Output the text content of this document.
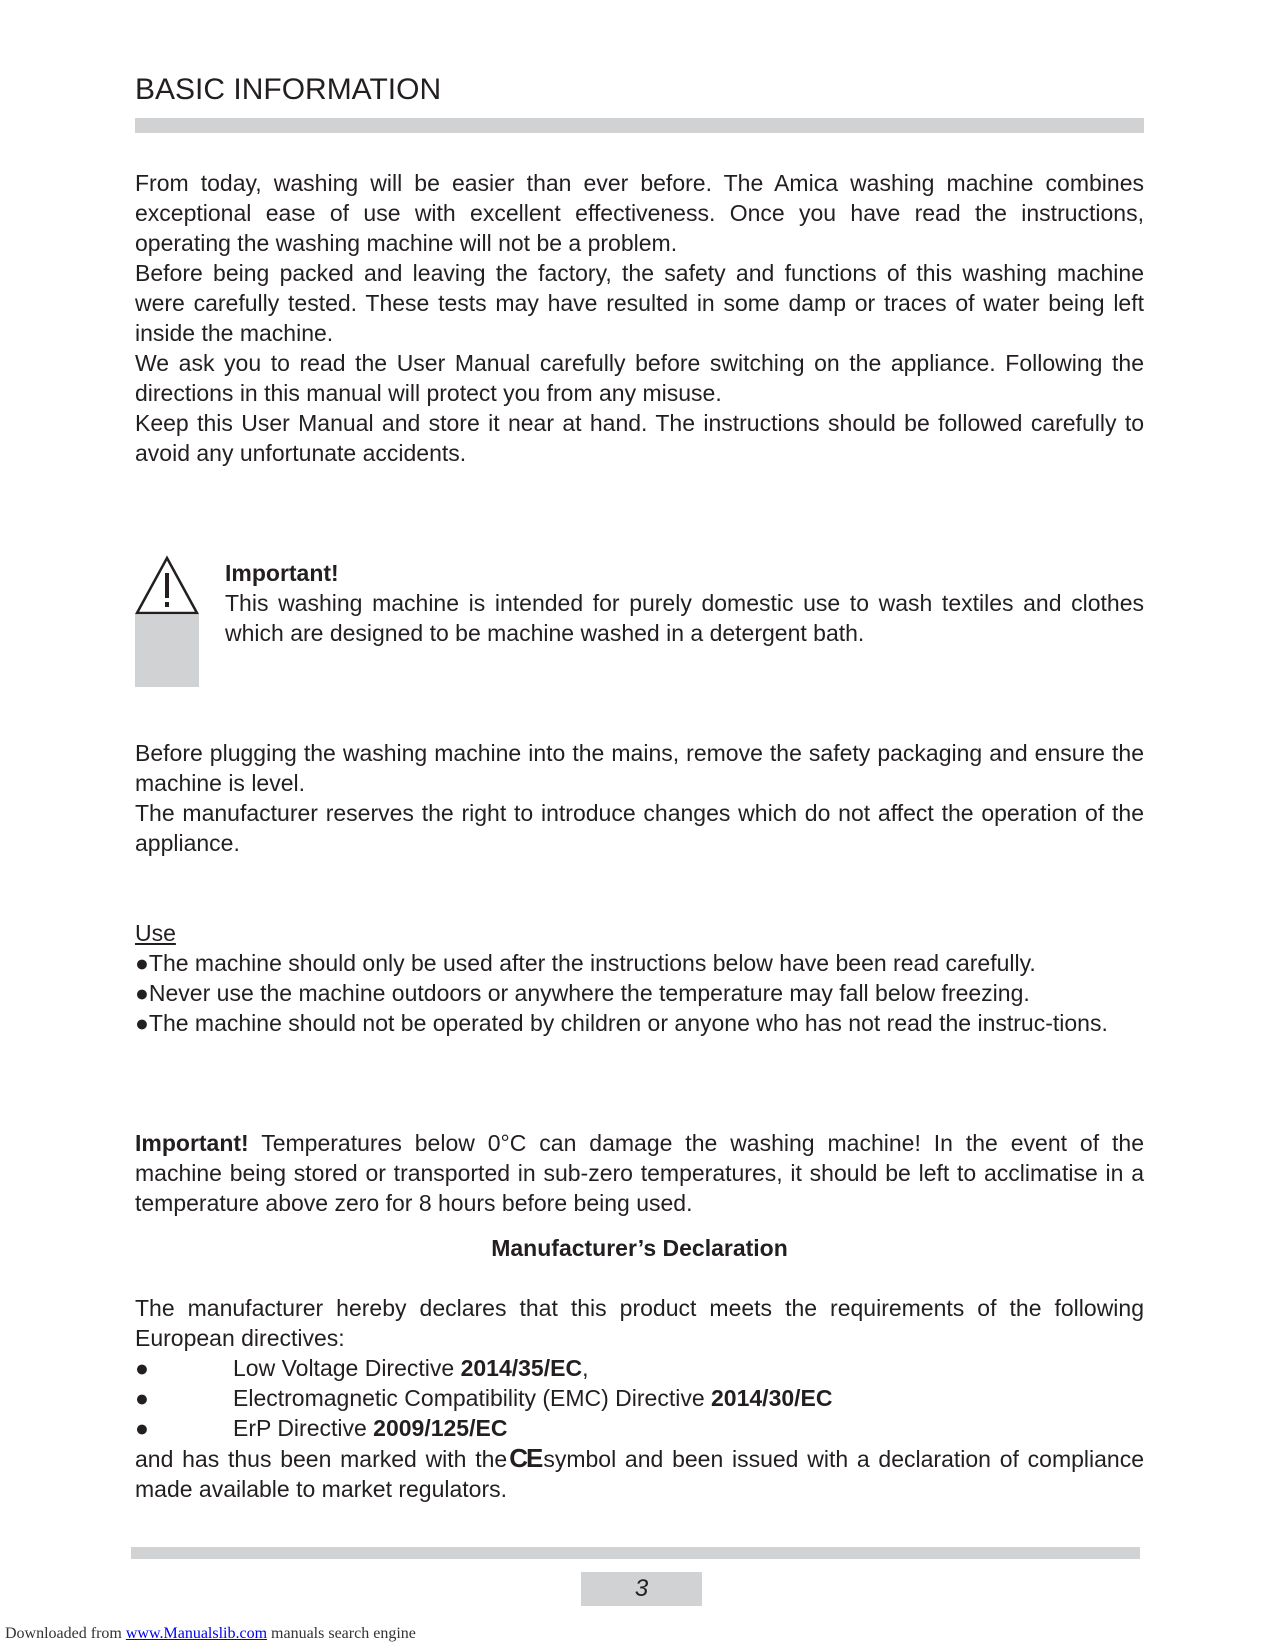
BASIC INFORMATION

From today, washing will be easier than ever before. The Amica washing machine combines exceptional ease of use with excellent effectiveness. Once you have read the instructions, operating the washing machine will not be a problem.

Before being packed and leaving the factory, the safety and functions of this washing machine were carefully tested. These tests may have resulted in some damp or traces of water being left inside the machine.

We ask you to read the User Manual carefully before switching on the appliance. Following the directions in this manual will protect you from any misuse.

Keep this User Manual and store it near at hand. The instructions should be followed carefully to avoid any unfortunate accidents.

Important!

This washing machine is intended for purely domestic use to wash textiles and clothes which are designed to be machine washed in a detergent bath.

Before plugging the washing machine into the mains, remove the safety packaging and ensure the machine is level.

The manufacturer reserves the right to introduce changes which do not affect the operation of the appliance.

Use

●The machine should only be used after the instructions below have been read carefully.

●Never use the machine outdoors or anywhere the temperature may fall below freezing.

●The machine should not be operated by children or anyone who has not read the instruc-tions.

Important! Temperatures below 0°C can damage the washing machine! In the event of the machine being stored or transported in sub-zero temperatures, it should be left to acclimatise in a temperature above zero for 8 hours before being used.

Manufacturer’s Declaration

The manufacturer hereby declares that this product meets the requirements of the following European directives:

●	Low Voltage Directive 2014/35/EC,
●	Electromagnetic Compatibility (EMC) Directive 2014/30/EC
●	ErP Directive 2009/125/EC

and has thus been marked with theCEsymbol and been issued with a declaration of compliance made available to market regulators.

3
Downloaded from www.Manualslib.com manuals search engine
